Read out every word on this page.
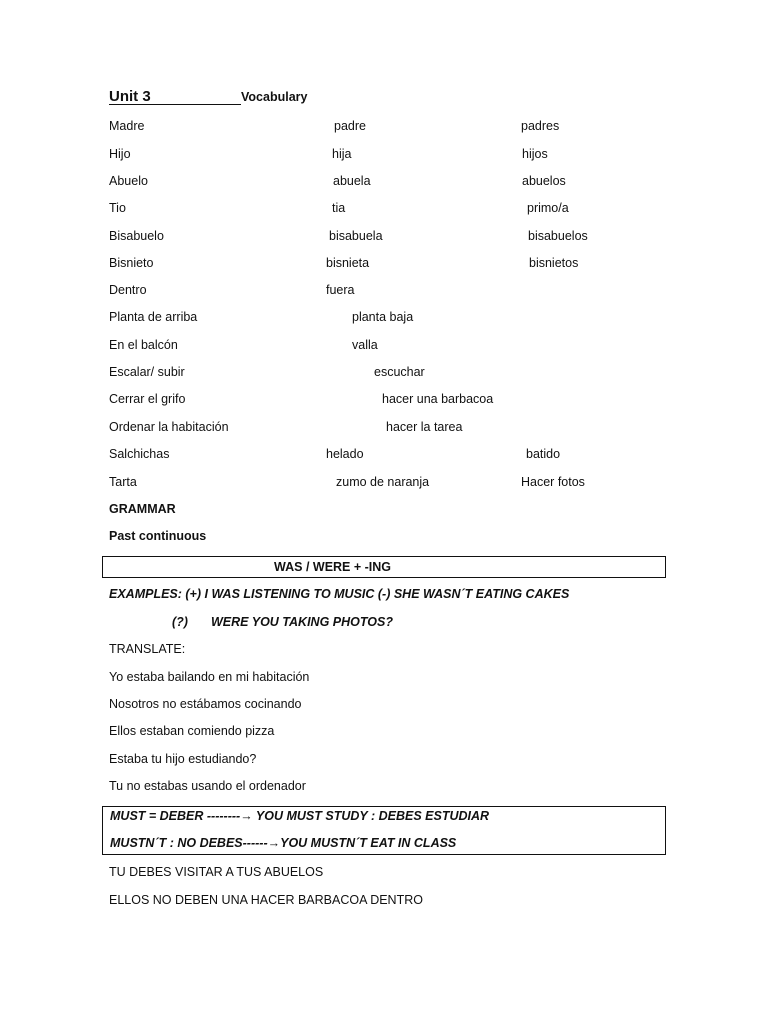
Unit 3	Vocabulary
Madre	padre	padres
Hijo	hija	hijos
Abuelo	abuela	abuelos
Tio	tia	primo/a
Bisabuelo	bisabuela	bisabuelos
Bisnieto	bisnieta	bisnietos
Dentro	fuera
Planta de arriba	planta baja
En el balcón	valla
Escalar/ subir	escuchar
Cerrar el grifo	hacer una barbacoa
Ordenar la habitación	hacer la tarea
Salchichas	helado	batido
Tarta	zumo de naranja	Hacer fotos
GRAMMAR
Past continuous
WAS / WERE + -ING
EXAMPLES: (+) I WAS LISTENING TO MUSIC (-) SHE WASN´T EATING CAKES
(?) WERE YOU TAKING PHOTOS?
TRANSLATE:
Yo estaba bailando en mi habitación
Nosotros no estábamos cocinando
Ellos estaban comiendo pizza
Estaba tu hijo estudiando?
Tu no estabas usando el ordenador
MUST = DEBER --------→ YOU MUST STUDY : DEBES ESTUDIAR
MUSTN´T : NO DEBES------→YOU MUSTN´T EAT IN CLASS
TU DEBES VISITAR A TUS ABUELOS
ELLOS NO DEBEN UNA HACER BARBACOA DENTRO
